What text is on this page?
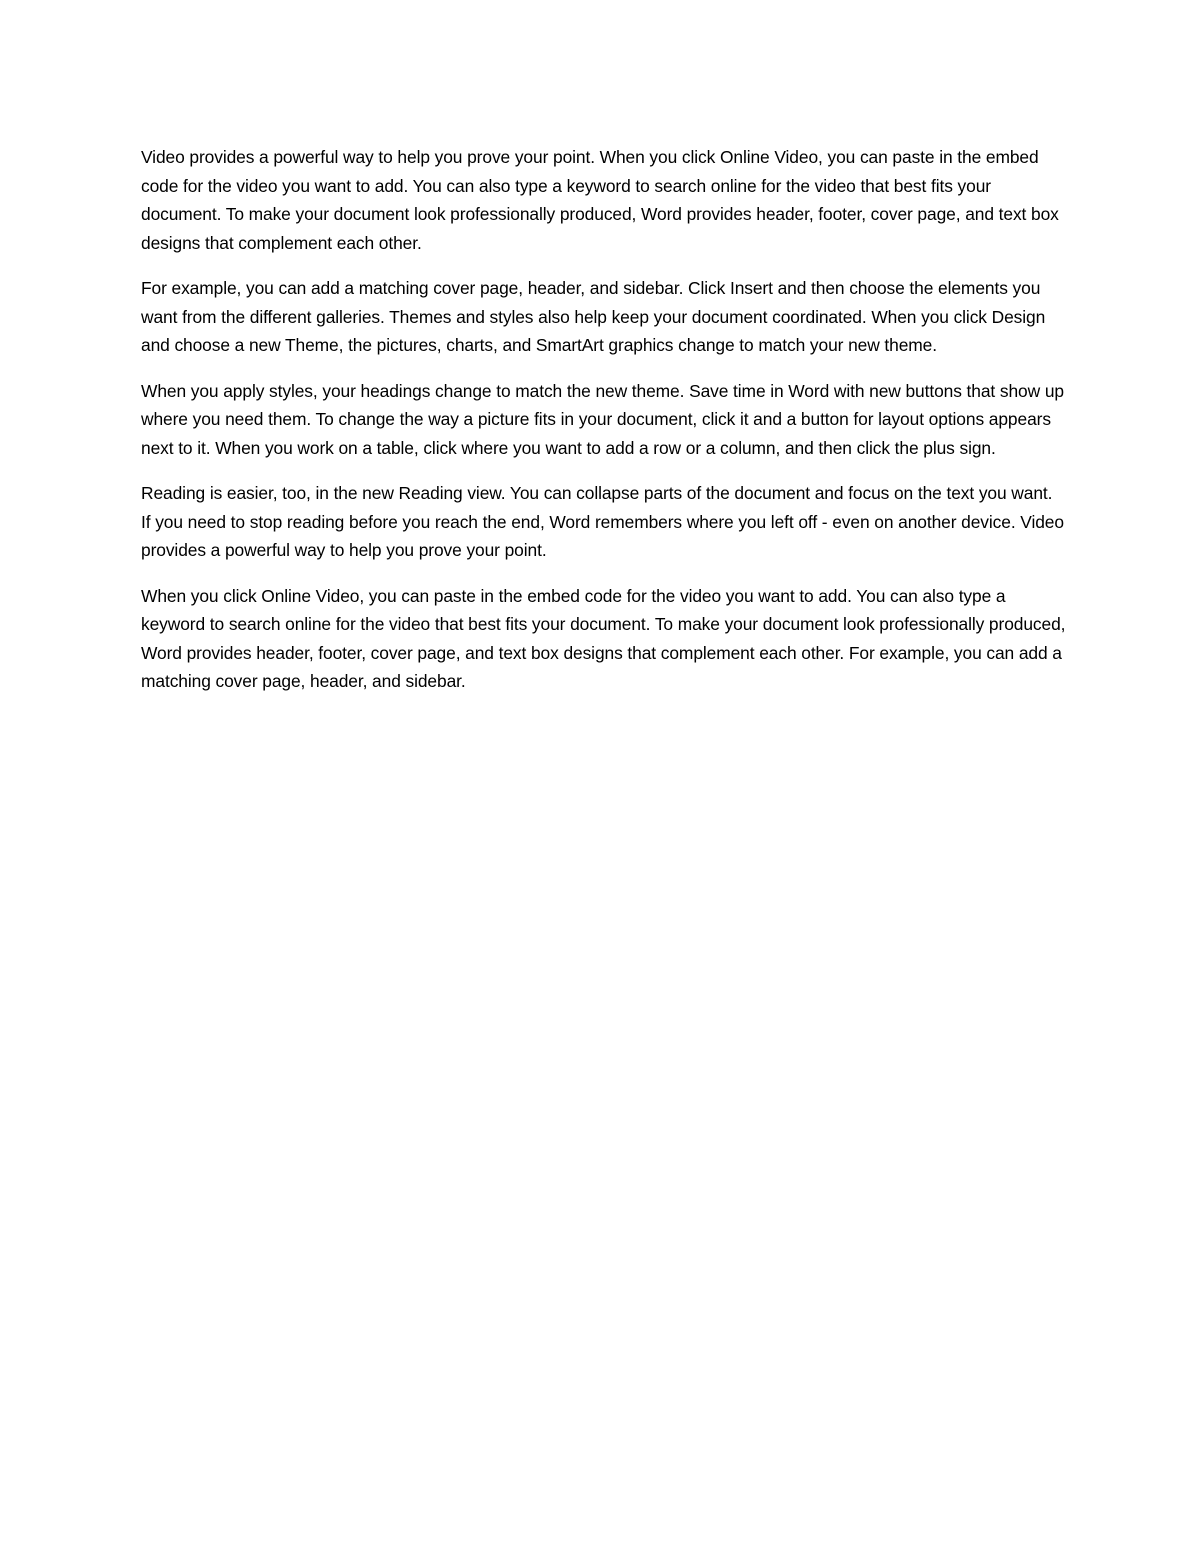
Video provides a powerful way to help you prove your point. When you click Online Video, you can paste in the embed code for the video you want to add. You can also type a keyword to search online for the video that best fits your document. To make your document look professionally produced, Word provides header, footer, cover page, and text box designs that complement each other.

For example, you can add a matching cover page, header, and sidebar. Click Insert and then choose the elements you want from the different galleries. Themes and styles also help keep your document coordinated. When you click Design and choose a new Theme, the pictures, charts, and SmartArt graphics change to match your new theme.

When you apply styles, your headings change to match the new theme. Save time in Word with new buttons that show up where you need them. To change the way a picture fits in your document, click it and a button for layout options appears next to it. When you work on a table, click where you want to add a row or a column, and then click the plus sign.

Reading is easier, too, in the new Reading view. You can collapse parts of the document and focus on the text you want. If you need to stop reading before you reach the end, Word remembers where you left off - even on another device. Video provides a powerful way to help you prove your point.

When you click Online Video, you can paste in the embed code for the video you want to add. You can also type a keyword to search online for the video that best fits your document. To make your document look professionally produced, Word provides header, footer, cover page, and text box designs that complement each other. For example, you can add a matching cover page, header, and sidebar.
